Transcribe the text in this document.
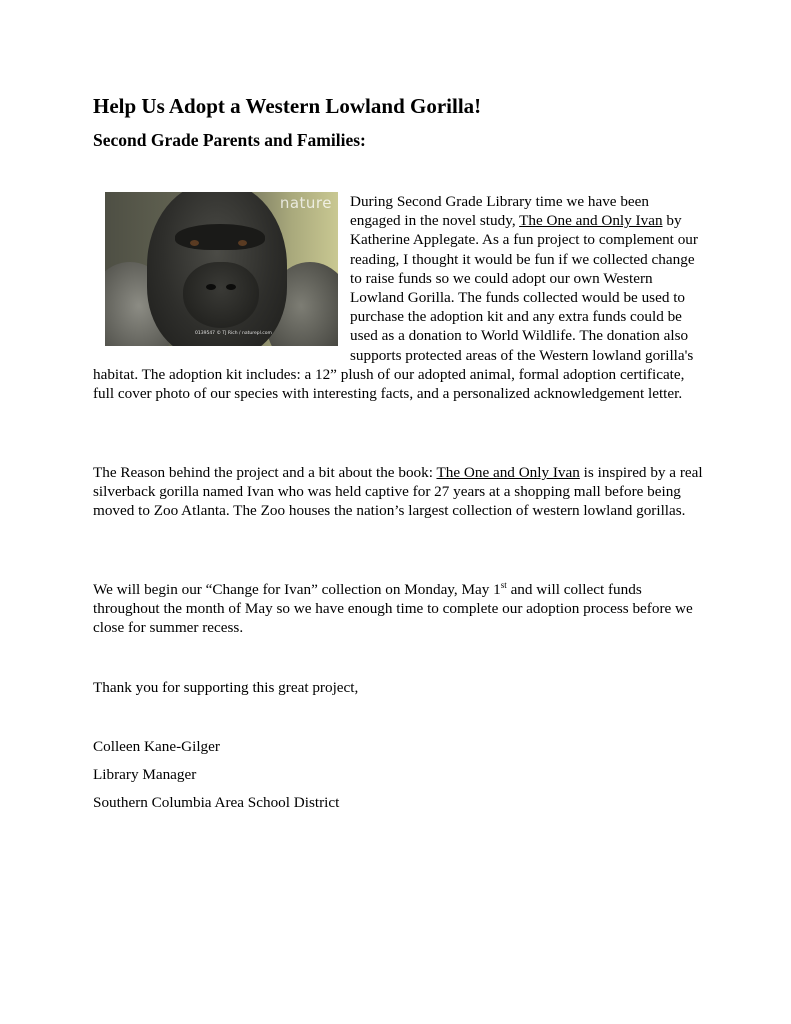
Help Us Adopt a Western Lowland Gorilla!
Second Grade Parents and Families:
nature
0139547 © TJ Rich / naturepl.com
During Second Grade Library time we have been engaged in the novel study, The One and Only Ivan by Katherine Applegate. As a fun project to complement our reading, I thought it would be fun if we collected change to raise funds so we could adopt our own Western Lowland Gorilla. The funds collected would be used to purchase the adoption kit and any extra funds could be used as a donation to World Wildlife. The donation also supports protected areas of the Western lowland gorilla's habitat. The adoption kit includes: a 12” plush of our adopted animal, formal adoption certificate, full cover photo of our species with interesting facts, and a personalized acknowledgement letter.

The Reason behind the project and a bit about the book: The One and Only Ivan is inspired by a real silverback gorilla named Ivan who was held captive for 27 years at a shopping mall before being moved to Zoo Atlanta. The Zoo houses the nation’s largest collection of western lowland gorillas.

We will begin our “Change for Ivan” collection on Monday, May 1st and will collect funds throughout the month of May so we have enough time to complete our adoption process before we close for summer recess.

Thank you for supporting this great project,

Colleen Kane-Gilger

Library Manager

Southern Columbia Area School District
